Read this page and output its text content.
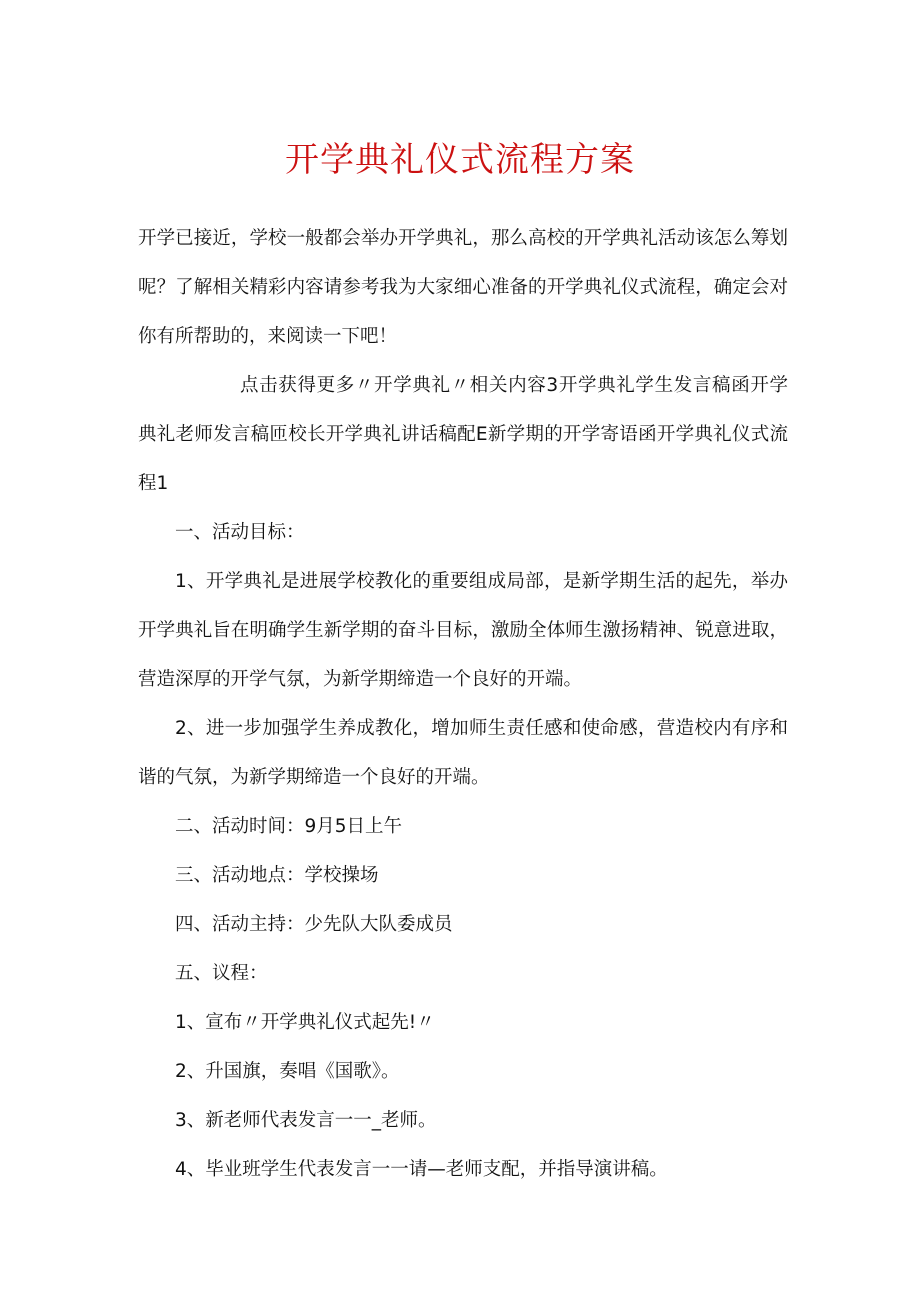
开学典礼仪式流程方案

开学已接近，学校一般都会举办开学典礼，那么高校的开学典礼活动该怎么筹划呢？了解相关精彩内容请参考我为大家细心准备的开学典礼仪式流程，确定会对你有所帮助的，来阅读一下吧！

点击获得更多〃开学典礼〃相关内容3开学典礼学生发言稿函开学典礼老师发言稿匝校长开学典礼讲话稿配E新学期的开学寄语函开学典礼仪式流程1

一、活动目标：

1、开学典礼是进展学校教化的重要组成局部，是新学期生活的起先，举办开学典礼旨在明确学生新学期的奋斗目标，激励全体师生激扬精神、锐意进取，营造深厚的开学气氛，为新学期缔造一个良好的开端。

2、进一步加强学生养成教化，增加师生责任感和使命感，营造校内有序和谐的气氛，为新学期缔造一个良好的开端。

二、活动时间：9月5日上午

三、活动地点：学校操场

四、活动主持：少先队大队委成员

五、议程：

1、宣布〃开学典礼仪式起先!〃

2、升国旗，奏唱《国歌》。

3、新老师代表发言一一_老师。

4、毕业班学生代表发言一一请—老师支配，并指导演讲稿。
